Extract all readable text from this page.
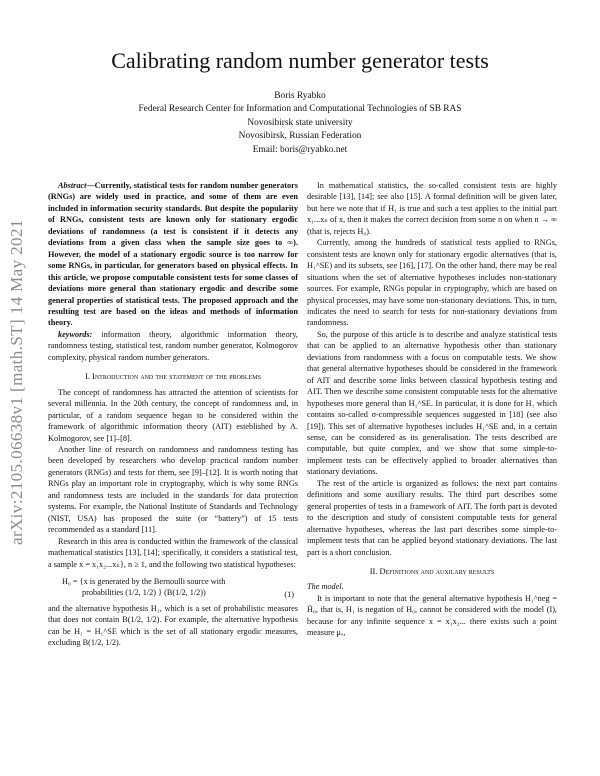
Calibrating random number generator tests
Boris Ryabko
Federal Research Center for Information and Computational Technologies of SB RAS
Novosibirsk state university
Novosibirsk, Russian Federation
Email: boris@ryabko.net
arXiv:2105.06638v1 [math.ST] 14 May 2021

Abstract—Currently, statistical tests for random number generators (RNGs) are widely used in practice, and some of them are even included in information security standards. But despite the popularity of RNGs, consistent tests are known only for stationary ergodic deviations of randomness (a test is consistent if it detects any deviations from a given class when the sample size goes to ∞). However, the model of a stationary ergodic source is too narrow for some RNGs, in particular, for generators based on physical effects. In this article, we propose computable consistent tests for some classes of deviations more general than stationary ergodic and describe some general properties of statistical tests. The proposed approach and the resulting test are based on the ideas and methods of information theory.

keywords: information theory, algorithmic information theory, randomness testing, statistical test, random number generator, Kolmogorov complexity, physical random number generators.

I. Introduction and the statement of the problems

The concept of randomness has attracted the attention of scientists for several millennia. In the 20th century, the concept of randomness and, in particular, of a random sequence began to be considered within the framework of algorithmic information theory (AIT) esteblished by A. Kolmogorov, see [1]–[8].

Another line of research on randomness and randomness testing has been developed by researchers who develop practical random number generators (RNGs) and tests for them, see [9]–[12]. It is worth noting that RNGs play an important role in cryptography, which is why some RNGs and randomness tests are included in the standards for data protection systems. For example, the National Institute of Standards and Technology (NIST, USA) has proposed the suite (or “battery”) of 15 tests recommended as a standard [11].

Research in this area is conducted within the framework of the classical mathematical statistics [13], [14]; specifically, it considers a statistical test, a sample x = x₁x₂...xₙ}, n ≥ 1, and the following two statistical hypotheses:

H₀ = {x is generated by the Bernoulli source with
probabilities (1/2, 1/2) } (B(1/2, 1/2))	(1)

and the alternative hypothesis H₁, which is a set of probabilistic measures that does not contain B(1/2, 1/2). For example, the alternative hypothesis can be H₁ = H₁^SE which is the set of all stationary ergodic measures, excluding B(1/2, 1/2).

In mathematical statistics, the so-called consistent tests are highly desirable [13], [14]; see also [15]. A formal definition will be given later, but here we note that if H₁ is true and such a test applies to the initial part x₁...xₙ of x, then it makes the correct decision from some n on when n → ∞ (that is, rejects H₀).

Currently, among the hundreds of statistical tests applied to RNGs, consistent tests are known only for stationary ergodic alternatives (that is, H₁^SE) and its subsets, see [16], [17]. On the other hand, there may be real situations when the set of alternative hypotheses includes non-stationary sources. For example, RNGs popular in cryptography, which are based on physical processes, may have some non-stationary deviations. This, in turn, indicates the need to search for tests for non-stationary deviations from randomness.

So, the purpose of this article is to describe and analyze statistical tests that can be applied to an alternative hypothesis other than stationary deviations from randomness with a focus on computable tests. We show that general alternative hypotheses should be considered in the framework of AIT and describe some links between classical hypothesis testing and AIT. Then we describe some consistent computable tests for the alternative hypotheses more general than H₁^SE. In particular, it is done for H₁ which contains so-called σ-compressible sequences suggested in [18] (see also [19]). This set of alternative hypotheses includes H₁^SE and, in a certain sense, can be considered as its generalisation. The tests described are computable, but quite complex, and we show that some simple-to-implement tests can be effectively applied to broader alternatives than stationary deviations.

The rest of the article is organized as follows: the next part contains definitions and some auxiliary results. The third part describes some general properties of tests in a framework of AIT. The forth part is devoted to the description and study of consistent computable tests for general alternative hypotheses, whereas the last part describes some simple-to-implement tests that can be applied beyond stationary deviations. The last part is a short conclusion.

II. Definitions and auxilary results
The model.

It is important to note that the general alternative hypothesis H₁^neg = H̄₀, that is, H₁ is negation of H₀, cannot be considered with the model (I), because for any infinite sequence x = x₁x₂... there exists such a point measure μₓ,
